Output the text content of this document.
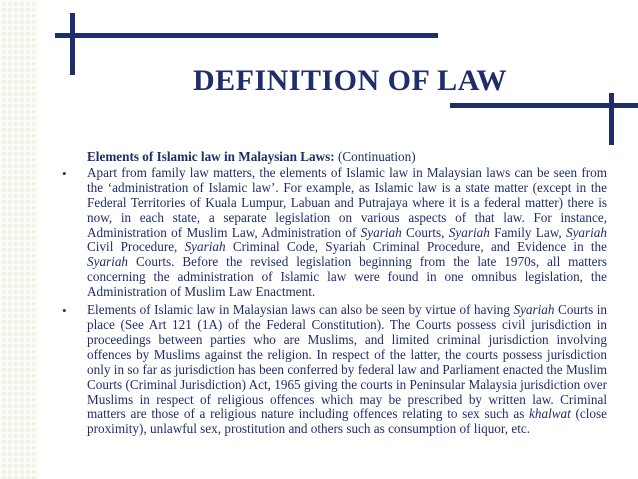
DEFINITION OF LAW
Elements of Islamic law in Malaysian Laws: (Continuation)
• Apart from family law matters, the elements of Islamic law in Malaysian laws can be seen from the ‘administration of Islamic law’. For example, as Islamic law is a state matter (except in the Federal Territories of Kuala Lumpur, Labuan and Putrajaya where it is a federal matter) there is now, in each state, a separate legislation on various aspects of that law. For instance, Administration of Muslim Law, Administration of Syariah Courts, Syariah Family Law, Syariah Civil Procedure, Syariah Criminal Code, Syariah Criminal Procedure, and Evidence in the Syariah Courts. Before the revised legislation beginning from the late 1970s, all matters concerning the administration of Islamic law were found in one omnibus legislation, the Administration of Muslim Law Enactment.
• Elements of Islamic law in Malaysian laws can also be seen by virtue of having Syariah Courts in place (See Art 121 (1A) of the Federal Constitution). The Courts possess civil jurisdiction in proceedings between parties who are Muslims, and limited criminal jurisdiction involving offences by Muslims against the religion. In respect of the latter, the courts possess jurisdiction only in so far as jurisdiction has been conferred by federal law and Parliament enacted the Muslim Courts (Criminal Jurisdiction) Act, 1965 giving the courts in Peninsular Malaysia jurisdiction over Muslims in respect of religious offences which may be prescribed by written law. Criminal matters are those of a religious nature including offences relating to sex such as khalwat (close proximity), unlawful sex, prostitution and others such as consumption of liquor, etc.
